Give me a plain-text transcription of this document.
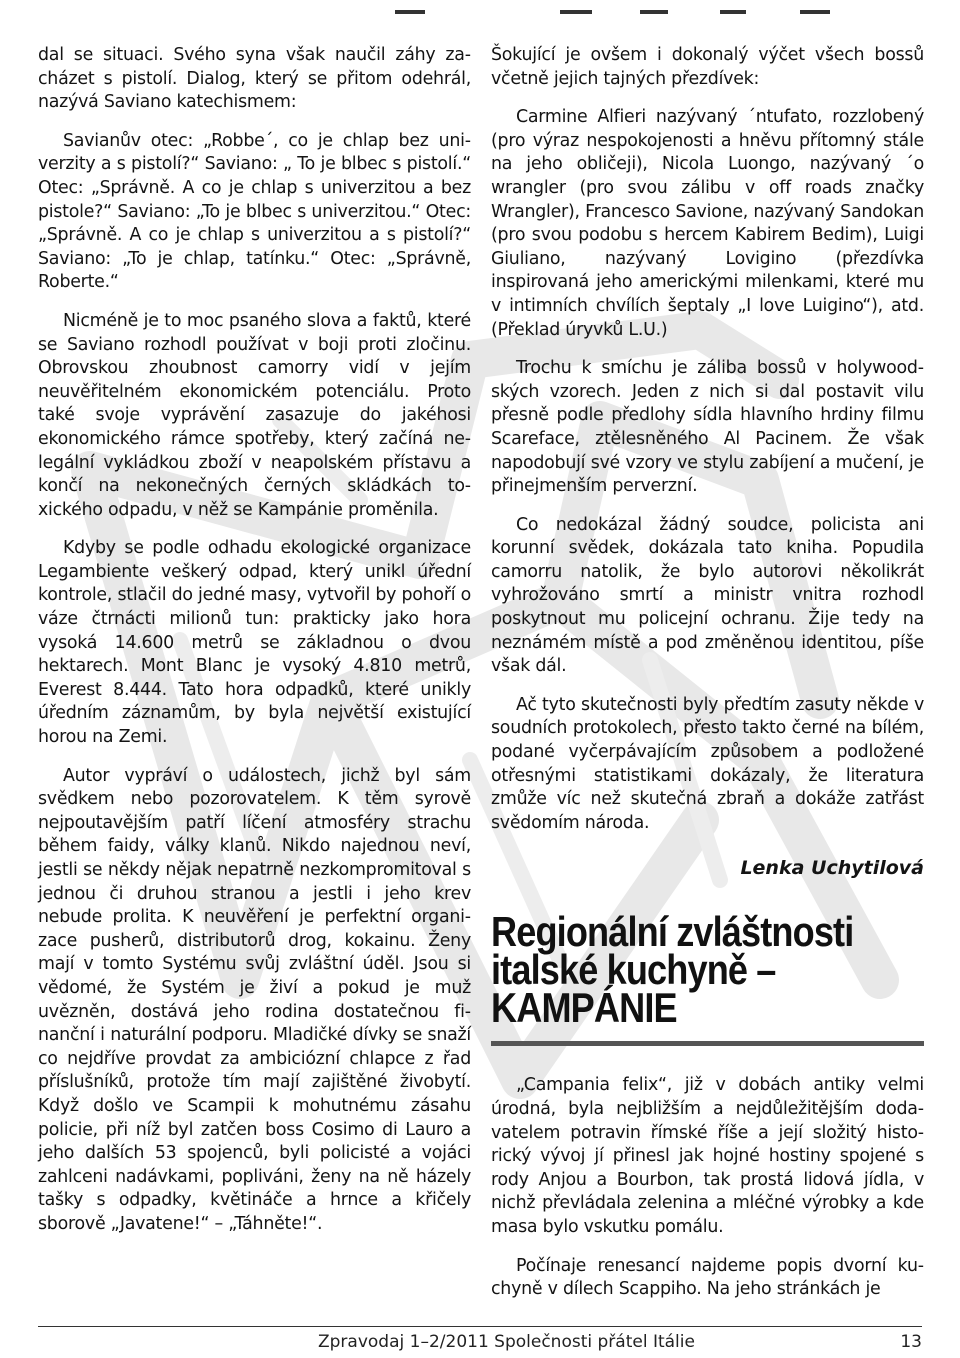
dal se situaci. Svého syna však naučil záhy zacházet s pistolí. Dialog, který se přitom odehrál, nazývá Saviano katechismem:

Savianův otec: „Robbe´, co je chlap bez univerzity a s pistolí?“ Saviano: „ To je blbec s pistolí.“ Otec: „Správně. A co je chlap s univerzitou a bez pistole?“ Saviano: „To je blbec s univerzitou.“ Otec: „Správně. A co je chlap s univerzitou a s pistolí?“ Saviano: „To je chlap, tatínku.“ Otec: „Správně, Roberte.“

Nicméně je to moc psaného slova a faktů, které se Saviano rozhodl používat v boji proti zločinu. Obrovskou zhoubnost camorry vidí v jejím neuvěřitelném ekonomickém potenciálu. Proto také svoje vyprávění zasazuje do jakéhosi ekonomického rámce spotřeby, který začíná nelegální vykládkou zboží v neapolském přístavu a končí na nekonečných černých skládkách toxického odpadu, v něž se Kampánie proměnila.

Kdyby se podle odhadu ekologické organizace Legambiente veškerý odpad, který unikl úřední kontrole, stlačil do jedné masy, vytvořil by pohoří o váze čtrnácti milionů tun: prakticky jako hora vysoká 14.600 metrů se základnou o dvou hektarech. Mont Blanc je vysoký 4.810 metrů, Everest 8.444. Tato hora odpadků, které unikly úředním záznamům, by byla největší existující horou na Zemi.

Autor vypráví o událostech, jichž byl sám svědkem nebo pozorovatelem. K těm syrově nejpoutavějším patří líčení atmosféry strachu během faidy, války klanů. Nikdo najednou neví, jestli se někdy nějak nepatrně nezkompromitoval s jednou či druhou stranou a jestli i jeho krev nebude prolita. K neuvěření je perfektní organizace pusherů, distributorů drog, kokainu. Ženy mají v tomto Systému svůj zvláštní úděl. Jsou si vědomé, že Systém je živí a pokud je muž uvězněn, dostává jeho rodina dostatečnou finanční i naturální podporu. Mladičké dívky se snaží co nejdříve provdat za ambiciózní chlapce z řad příslušníků, protože tím mají zajištěné živobytí. Když došlo ve Scampii k mohutnému zásahu policie, při níž byl zatčen boss Cosimo di Lauro a jeho dalších 53 spojenců, byli policisté a vojáci zahlceni nadávkami, popliváni, ženy na ně házely tašky s odpadky, květináče a hrnce a křičely sborově „Javatene!“ – „Táhněte!“.

Šokující je ovšem i dokonalý výčet všech bossů včetně jejich tajných přezdívek:

Carmine Alfieri nazývaný ´ntufato, rozzlobený (pro výraz nespokojenosti a hněvu přítomný stále na jeho obličeji), Nicola Luongo, nazývaný ´o wrangler (pro svou zálibu v off roads značky Wrangler), Francesco Savione, nazývaný Sandokan (pro svou podobu s hercem Kabirem Bedim), Luigi Giuliano, nazývaný Lovigino (přezdívka inspirovaná jeho americkými milenkami, které mu v intimních chvílích šeptaly „I love Luigino“), atd. (Překlad úryvků L.U.)

Trochu k smíchu je záliba bossů v holywoodských vzorech. Jeden z nich si dal postavit vilu přesně podle předlohy sídla hlavního hrdiny filmu Scareface, ztělesněného Al Pacinem. Že však napodobují své vzory ve stylu zabíjení a mučení, je přinejmenším perverzní.

Co nedokázal žádný soudce, policista ani korunní svědek, dokázala tato kniha. Popudila camorru natolik, že bylo autorovi několikrát vyhrožováno smrtí a ministr vnitra rozhodl poskytnout mu policejní ochranu. Žije tedy na neznámém místě a pod změněnou identitou, píše však dál.

Ač tyto skutečnosti byly předtím zasuty někde v soudních protokolech, přesto takto černé na bílém, podané vyčerpávajícím způsobem a podložené otřesnými statistikami dokázaly, že literatura zmůže víc než skutečná zbraň a dokáže zatřást svědomím národa.

Lenka Uchytilová
Regionální zvláštnosti italské kuchyně – KAMPÁNIE

„Campania felix“, již v dobách antiky velmi úrodná, byla nejbližším a nejdůležitějším dodavatelem potravin římské říše a její složitý historický vývoj jí přinesl jak hojné hostiny spojené s rody Anjou a Bourbon, tak prostá lidová jídla, v nichž převládala zelenina a mléčné výrobky a kde masa bylo vskutku pomálu.

Počínaje renesancí najdeme popis dvorní kuchyně v dílech Scappiho. Na jeho stránkách je

Zpravodaj 1–2/2011 Společnosti přátel Itálie	13
